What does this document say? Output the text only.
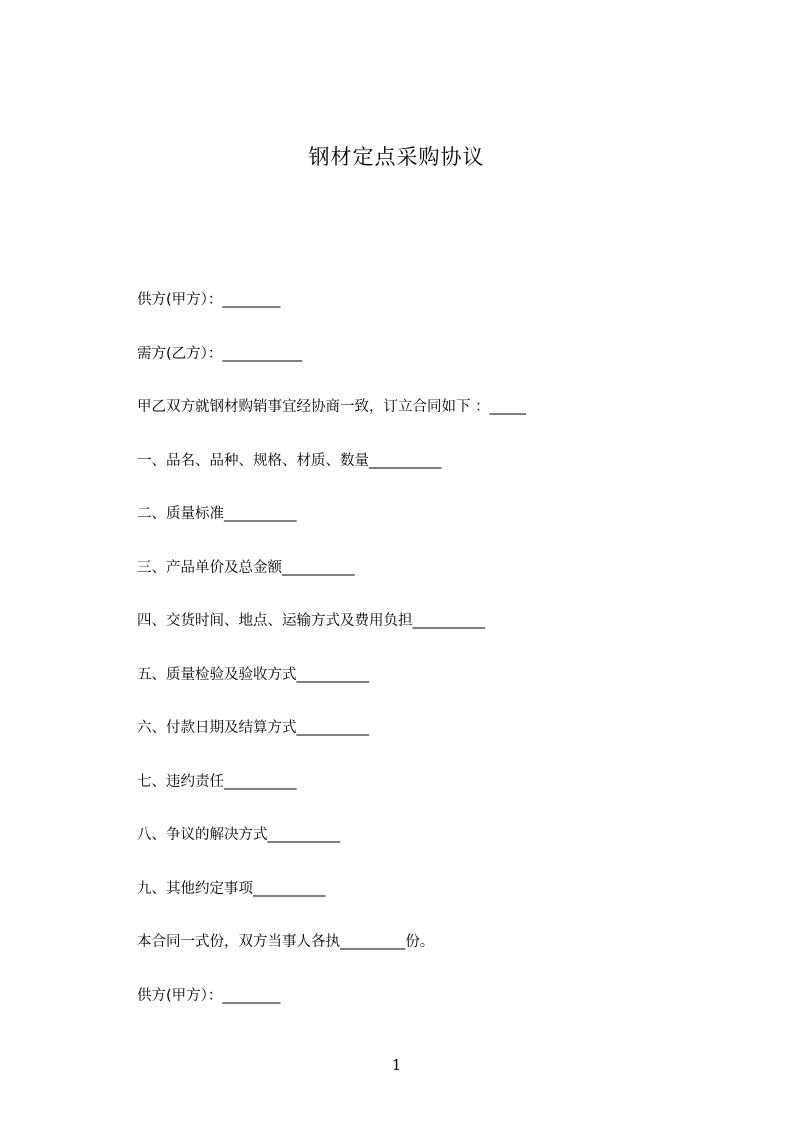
钢材定点采购协议
供方(甲方）：________
需方(乙方）：___________
甲乙双方就钢材购销事宜经协商一致，订立合同如下 ：_____
一、品名、品种、规格、材质、数量__________
二、质量标准__________
三、产品单价及总金额__________
四、交货时间、地点、运输方式及费用负担__________
五、质量检验及验收方式__________
六、付款日期及结算方式__________
七、违约责任__________
八、争议的解决方式__________
九、其他约定事项__________
本合同一式份，双方当事人各执_________份。
供方(甲方）：________
1
